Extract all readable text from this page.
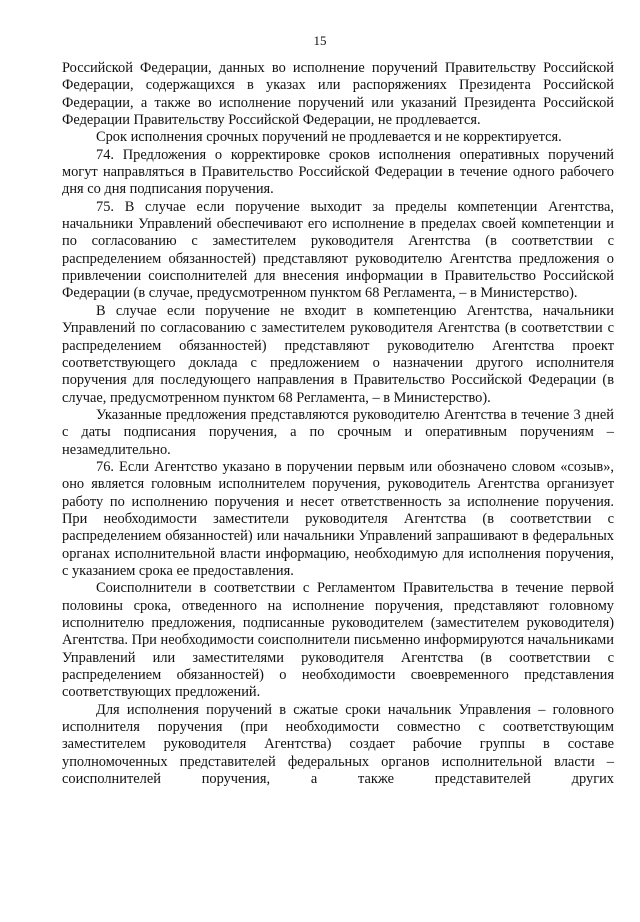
15

Российской Федерации, данных во исполнение поручений Правительству Российской Федерации, содержащихся в указах или распоряжениях Президента Российской Федерации, а также во исполнение поручений или указаний Президента Российской Федерации Правительству Российской Федерации, не продлевается.

Срок исполнения срочных поручений не продлевается и не корректируется.

74. Предложения о корректировке сроков исполнения оперативных поручений могут направляться в Правительство Российской Федерации в течение одного рабочего дня со дня подписания поручения.

75. В случае если поручение выходит за пределы компетенции Агентства, начальники Управлений обеспечивают его исполнение в пределах своей компетенции и по согласованию с заместителем руководителя Агентства (в соответствии с распределением обязанностей) представляют руководителю Агентства предложения о привлечении соисполнителей для внесения информации в Правительство Российской Федерации (в случае, предусмотренном пунктом 68 Регламента, – в Министерство).

В случае если поручение не входит в компетенцию Агентства, начальники Управлений по согласованию с заместителем руководителя Агентства (в соответствии с распределением обязанностей) представляют руководителю Агентства проект соответствующего доклада с предложением о назначении другого исполнителя поручения для последующего направления в Правительство Российской Федерации (в случае, предусмотренном пунктом 68 Регламента, – в Министерство).

Указанные предложения представляются руководителю Агентства в течение 3 дней с даты подписания поручения, а по срочным и оперативным поручениям – незамедлительно.

76. Если Агентство указано в поручении первым или обозначено словом «созыв», оно является головным исполнителем поручения, руководитель Агентства организует работу по исполнению поручения и несет ответственность за исполнение поручения. При необходимости заместители руководителя Агентства (в соответствии с распределением обязанностей) или начальники Управлений запрашивают в федеральных органах исполнительной власти информацию, необходимую для исполнения поручения, с указанием срока ее предоставления.

Соисполнители в соответствии с Регламентом Правительства в течение первой половины срока, отведенного на исполнение поручения, представляют головному исполнителю предложения, подписанные руководителем (заместителем руководителя) Агентства. При необходимости соисполнители письменно информируются начальниками Управлений или заместителями руководителя Агентства (в соответствии с распределением обязанностей) о необходимости своевременного представления соответствующих предложений.

Для исполнения поручений в сжатые сроки начальник Управления – головного исполнителя поручения (при необходимости совместно с соответствующим заместителем руководителя Агентства) создает рабочие группы в составе уполномоченных представителей федеральных органов исполнительной власти – соисполнителей поручения, а также представителей других
